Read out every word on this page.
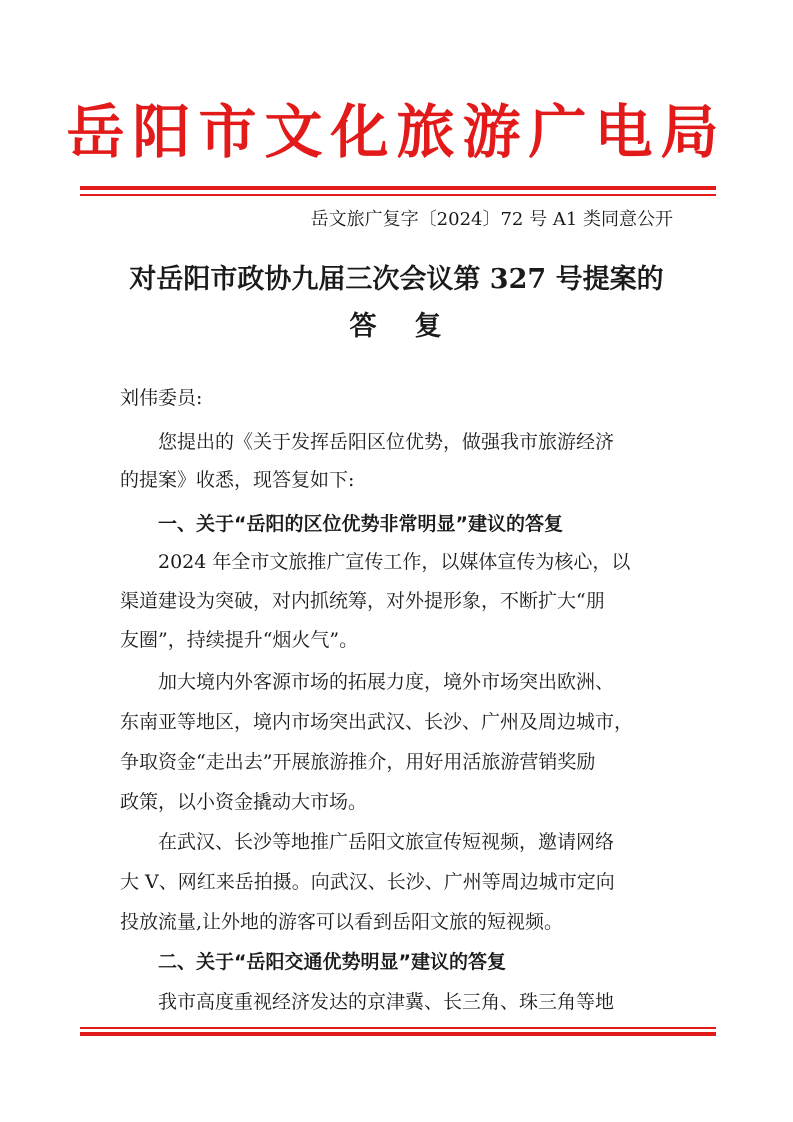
岳阳市文化旅游广电局
岳文旅广复字〔2024〕72 号 A1 类同意公开
对岳阳市政协九届三次会议第 327 号提案的
答 复
刘伟委员:
您提出的《关于发挥岳阳区位优势，做强我市旅游经济
的提案》收悉，现答复如下:
一、关于“岳阳的区位优势非常明显”建议的答复
2024 年全市文旅推广宣传工作，以媒体宣传为核心，以
渠道建设为突破，对内抓统筹，对外提形象，不断扩大“朋
友圈”，持续提升“烟火气”。
加大境内外客源市场的拓展力度，境外市场突出欧洲、
东南亚等地区，境内市场突出武汉、长沙、广州及周边城市，
争取资金“走出去”开展旅游推介，用好用活旅游营销奖励
政策，以小资金撬动大市场。
在武汉、长沙等地推广岳阳文旅宣传短视频，邀请网络
大 V、网红来岳拍摄。向武汉、长沙、广州等周边城市定向
投放流量,让外地的游客可以看到岳阳文旅的短视频。
二、关于“岳阳交通优势明显”建议的答复
我市高度重视经济发达的京津冀、长三角、珠三角等地
